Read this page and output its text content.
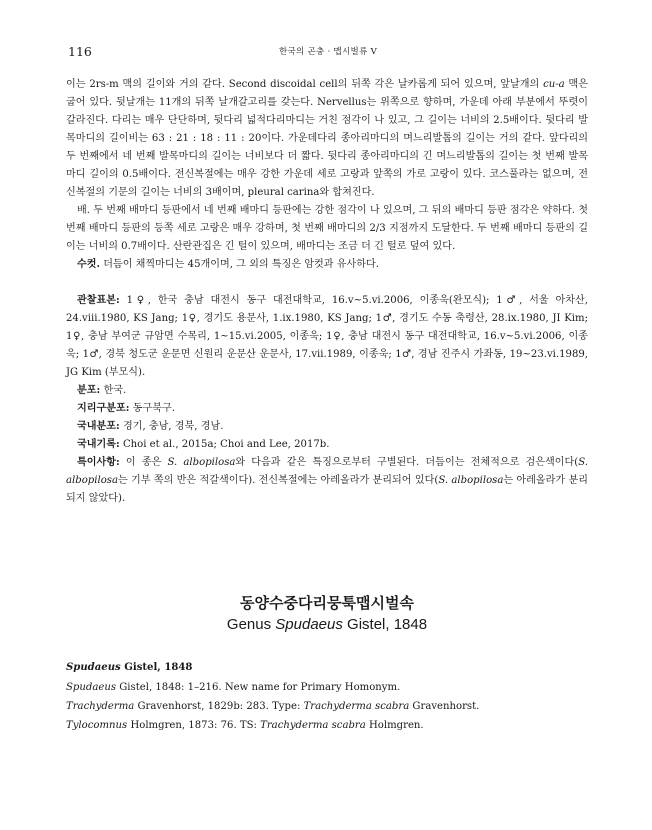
116	한국의 곤충 · 맵시벌류 V

이는 2rs-m 맥의 길이와 거의 같다. Second discoidal cell의 뒤쪽 각은 날카롭게 되어 있으며, 앞날개의 cu-a 맥은 굽어 있다. 뒷날개는 11개의 뒤쪽 날개갈고리를 갖는다. Nervellus는 위쪽으로 향하며, 가운데 아래 부분에서 뚜렷이 갈라진다. 다리는 매우 단단하며, 뒷다리 넓적다리마디는 거친 점각이 나 있고, 그 길이는 너비의 2.5배이다. 뒷다리 발목마디의 길이비는 63 : 21 : 18 : 11 : 20이다. 가운데다리 종아리마디의 며느리발톱의 길이는 거의 같다. 앞다리의 두 번째에서 네 번째 발목마디의 길이는 너비보다 더 짧다. 뒷다리 종아리마디의 긴 며느리발톱의 길이는 첫 번째 발목마디 길이의 0.5배이다. 전신복절에는 매우 강한 가운데 세로 고랑과 앞쪽의 가로 고랑이 있다. 코스풀라는 없으며, 전신복절의 기문의 길이는 너비의 3배이며, pleural carina와 합쳐진다.

배. 두 번째 배마디 등판에서 네 번째 배마디 등판에는 강한 점각이 나 있으며, 그 뒤의 배마디 등판 점각은 약하다. 첫 번째 배마디 등판의 등쪽 세로 고랑은 매우 강하며, 첫 번째 배마디의 2/3 지점까지 도달한다. 두 번째 배마디 등판의 길이는 너비의 0.7배이다. 산란관집은 긴 털이 있으며, 배마디는 조금 더 긴 털로 덮여 있다.

수컷. 더듬이 채찍마디는 45개이며, 그 외의 특징은 암컷과 유사하다.

관찰표본: 1♀, 한국 충남 대전시 동구 대전대학교, 16.v~5.vi.2006, 이종욱(완모식); 1♂, 서울 아차산, 24.viii.1980, KS Jang; 1♀, 경기도 용문사, 1.ix.1980, KS Jang; 1♂, 경기도 수동 축령산, 28.ix.1980, JI Kim; 1♀, 충남 부여군 규암면 수목리, 1~15.vi.2005, 이종욱; 1♀, 충남 대전시 동구 대전대학교, 16.v~5.vi.2006, 이종욱; 1♂, 경북 청도군 운문면 신원리 운문산 운문사, 17.vii.1989, 이종욱; 1♂, 경남 진주시 가좌동, 19~23.vi.1989, JG Kim (부모식).

분포: 한국.

지리구분포: 동구북구.

국내분포: 경기, 충남, 경북, 경남.

국내기록: Choi et al., 2015a; Choi and Lee, 2017b.

특이사항: 이 종은 S. albopilosa와 다음과 같은 특징으로부터 구별된다. 더듬이는 전체적으로 검은색이다(S. albopilosa는 기부 쪽의 반은 적갈색이다). 전신복절에는 아레올라가 분리되어 있다(S. albopilosa는 아레올라가 분리되지 않았다).

동양수중다리뭉툭맵시벌속
Genus Spudaeus Gistel, 1848

Spudaeus Gistel, 1848

Spudaeus Gistel, 1848: 1–216. New name for Primary Homonym.

Trachyderma Gravenhorst, 1829b: 283. Type: Trachyderma scabra Gravenhorst.

Tylocomnus Holmgren, 1873: 76. TS: Trachyderma scabra Holmgren.
